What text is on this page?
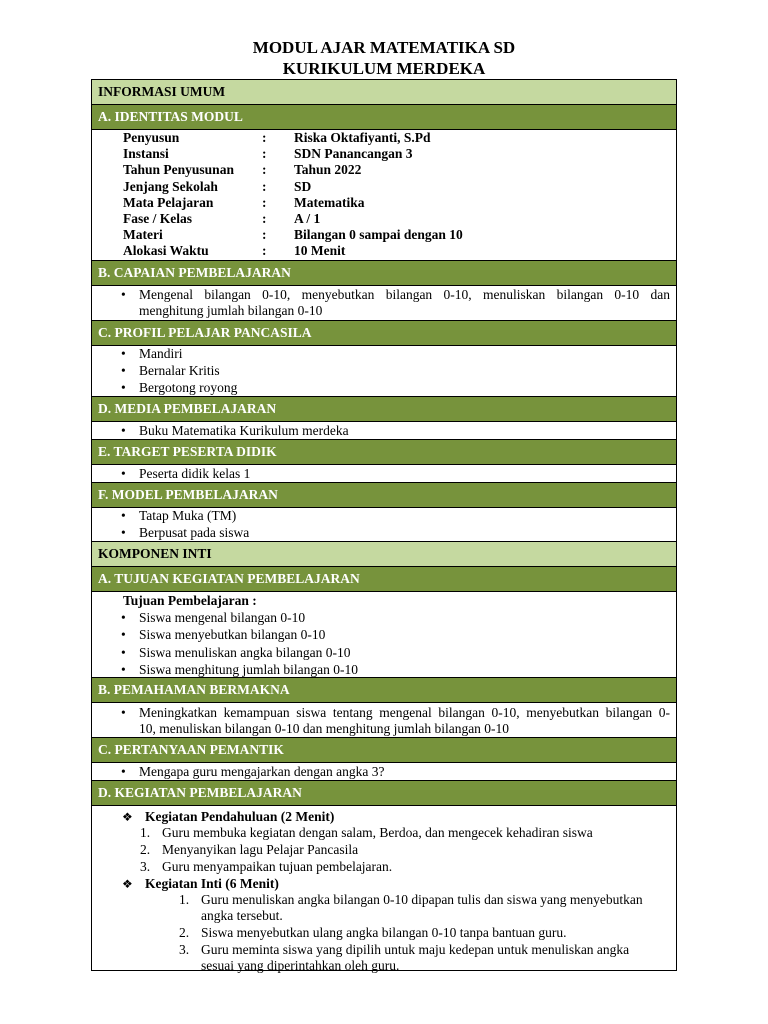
MODUL AJAR MATEMATIKA SD
KURIKULUM MERDEKA
INFORMASI UMUM
A. IDENTITAS MODUL
Penyusun	: Riska Oktafiyanti, S.Pd
Instansi	: SDN Panancangan 3
Tahun Penyusunan : Tahun 2022
Jenjang Sekolah	: SD
Mata Pelajaran	: Matematika
Fase / Kelas	: A / 1
Materi	: Bilangan 0 sampai dengan 10
Alokasi Waktu	: 10 Menit
B. CAPAIAN PEMBELAJARAN
• Mengenal bilangan 0-10, menyebutkan bilangan 0-10, menuliskan bilangan 0-10 dan
menghitung jumlah bilangan 0-10
C. PROFIL PELAJAR PANCASILA
• Mandiri
• Bernalar Kritis
• Bergotong royong
D. MEDIA PEMBELAJARAN
• Buku Matematika Kurikulum merdeka
E. TARGET PESERTA DIDIK
• Peserta didik kelas 1
F. MODEL PEMBELAJARAN
• Tatap Muka (TM)
• Berpusat pada siswa
KOMPONEN INTI
A. TUJUAN KEGIATAN PEMBELAJARAN
Tujuan Pembelajaran :
• Siswa mengenal bilangan 0-10
• Siswa menyebutkan bilangan 0-10
• Siswa menuliskan angka bilangan 0-10
• Siswa menghitung jumlah bilangan 0-10
B. PEMAHAMAN BERMAKNA
• Meningkatkan kemampuan siswa tentang mengenal bilangan 0-10, menyebutkan bilangan 0-
10, menuliskan bilangan 0-10 dan menghitung jumlah bilangan 0-10
C. PERTANYAAN PEMANTIK
• Mengapa guru mengajarkan dengan angka 3?
D. KEGIATAN PEMBELAJARAN
❖ Kegiatan Pendahuluan (2 Menit)
1. Guru membuka kegiatan dengan salam, Berdoa, dan mengecek kehadiran siswa
2. Menyanyikan lagu Pelajar Pancasila
3. Guru menyampaikan tujuan pembelajaran.
❖ Kegiatan Inti (6 Menit)
1. Guru menuliskan angka bilangan 0-10 dipapan tulis dan siswa yang menyebutkan
angka tersebut.
2. Siswa menyebutkan ulang angka bilangan 0-10 tanpa bantuan guru.
3. Guru meminta siswa yang dipilih untuk maju kedepan untuk menuliskan angka
sesuai yang diperintahkan oleh guru.
